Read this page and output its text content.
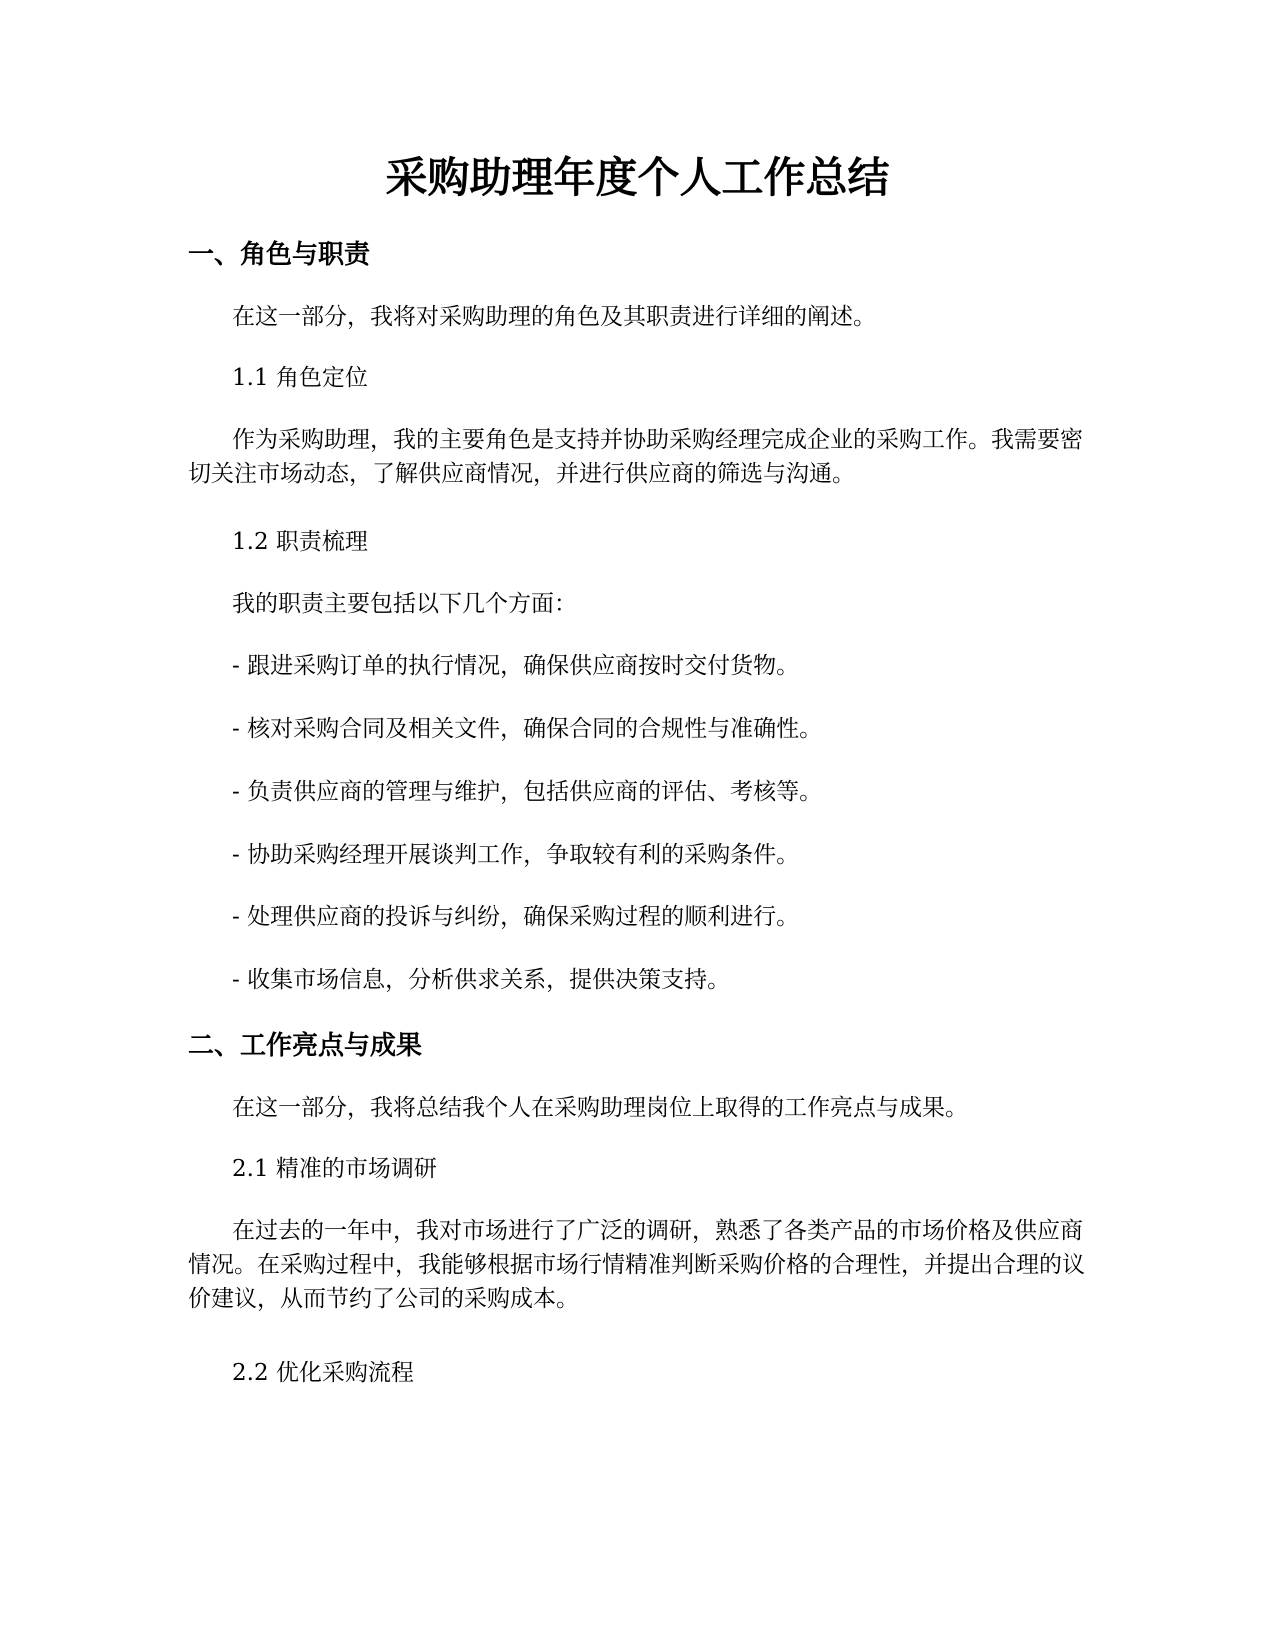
采购助理年度个人工作总结
一、角色与职责

在这一部分，我将对采购助理的角色及其职责进行详细的阐述。

1.1 角色定位

作为采购助理，我的主要角色是支持并协助采购经理完成企业的采购工作。我需要密切关注市场动态，了解供应商情况，并进行供应商的筛选与沟通。

1.2 职责梳理

我的职责主要包括以下几个方面：

- 跟进采购订单的执行情况，确保供应商按时交付货物。

- 核对采购合同及相关文件，确保合同的合规性与准确性。

- 负责供应商的管理与维护，包括供应商的评估、考核等。

- 协助采购经理开展谈判工作，争取较有利的采购条件。

- 处理供应商的投诉与纠纷，确保采购过程的顺利进行。

- 收集市场信息，分析供求关系，提供决策支持。

二、工作亮点与成果

在这一部分，我将总结我个人在采购助理岗位上取得的工作亮点与成果。

2.1 精准的市场调研

在过去的一年中，我对市场进行了广泛的调研，熟悉了各类产品的市场价格及供应商情况。在采购过程中，我能够根据市场行情精准判断采购价格的合理性，并提出合理的议价建议，从而节约了公司的采购成本。

2.2 优化采购流程
